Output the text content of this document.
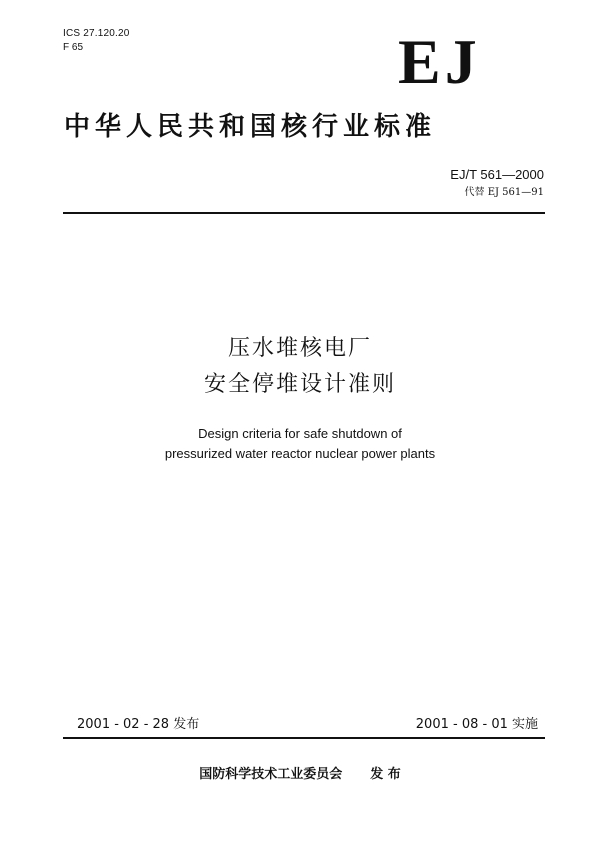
ICS 27.120.20
F 65	EJ
中华人民共和国核行业标准
EJ/T 561—2000
代替 EJ 561—91
压水堆核电厂
安全停堆设计准则
Design criteria for safe shutdown of
pressurized water reactor nuclear power plants
2001 - 02 - 28 发布	2001 - 08 - 01 实施
国防科学技术工业委员会 发 布
